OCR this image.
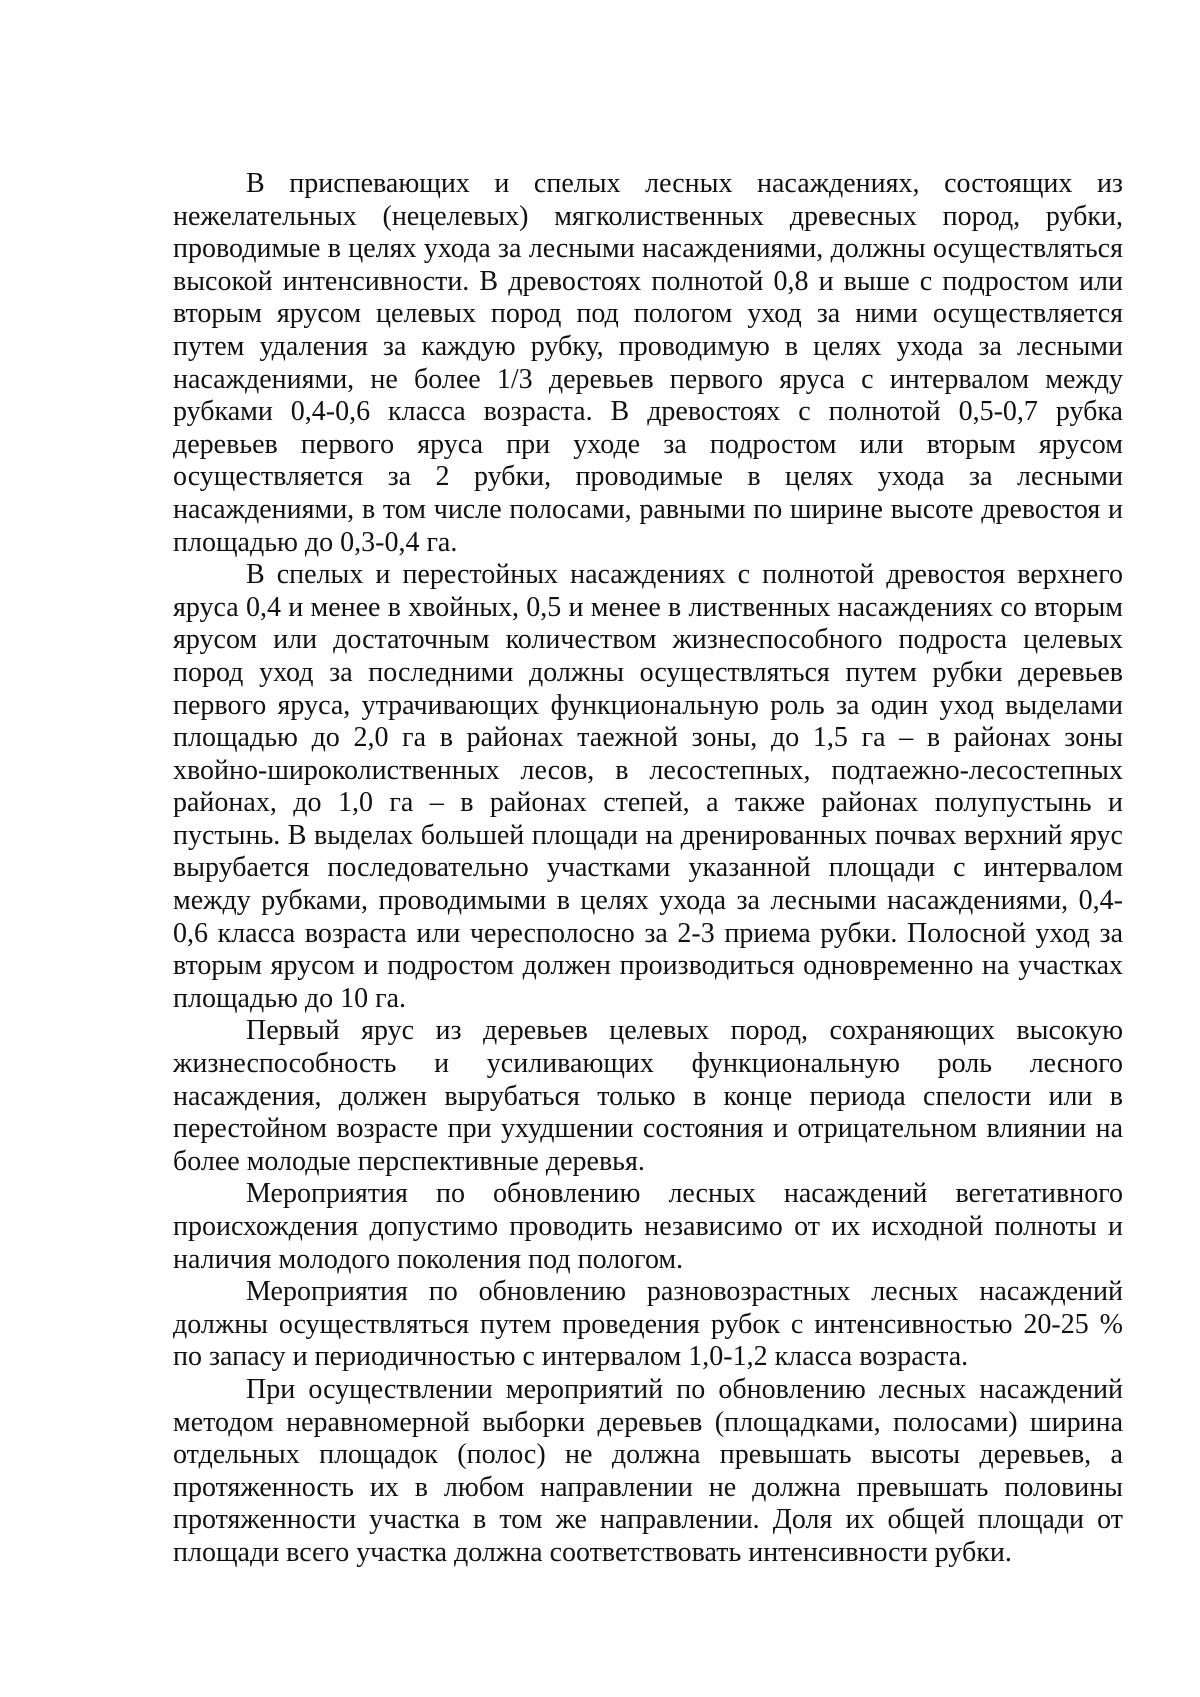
В приспевающих и спелых лесных насаждениях, состоящих из нежелательных (нецелевых) мягколиственных древесных пород, рубки, проводимые в целях ухода за лесными насаждениями, должны осуществляться высокой интенсивности. В древостоях полнотой 0,8 и выше с подростом или вторым ярусом целевых пород под пологом уход за ними осуществляется путем удаления за каждую рубку, проводимую в целях ухода за лесными насаждениями, не более 1/3 деревьев первого яруса с интервалом между рубками 0,4-0,6 класса возраста. В древостоях с полнотой 0,5-0,7 рубка деревьев первого яруса при уходе за подростом или вторым ярусом осуществляется за 2 рубки, проводимые в целях ухода за лесными насаждениями, в том числе полосами, равными по ширине высоте древостоя и площадью до 0,3-0,4 га.

В спелых и перестойных насаждениях с полнотой древостоя верхнего яруса 0,4 и менее в хвойных, 0,5 и менее в лиственных насаждениях со вторым ярусом или достаточным количеством жизнеспособного подроста целевых пород уход за последними должны осуществляться путем рубки деревьев первого яруса, утрачивающих функциональную роль за один уход выделами площадью до 2,0 га в районах таежной зоны, до 1,5 га – в районах зоны хвойно-широколиственных лесов, в лесостепных, подтаежно-лесостепных районах, до 1,0 га – в районах степей, а также районах полупустынь и пустынь. В выделах большей площади на дренированных почвах верхний ярус вырубается последовательно участками указанной площади с интервалом между рубками, проводимыми в целях ухода за лесными насаждениями, 0,4-0,6 класса возраста или чересполосно за 2-3 приема рубки. Полосной уход за вторым ярусом и подростом должен производиться одновременно на участках площадью до 10 га.

Первый ярус из деревьев целевых пород, сохраняющих высокую жизнеспособность и усиливающих функциональную роль лесного насаждения, должен вырубаться только в конце периода спелости или в перестойном возрасте при ухудшении состояния и отрицательном влиянии на более молодые перспективные деревья.

Мероприятия по обновлению лесных насаждений вегетативного происхождения допустимо проводить независимо от их исходной полноты и наличия молодого поколения под пологом.

Мероприятия по обновлению разновозрастных лесных насаждений должны осуществляться путем проведения рубок с интенсивностью 20-25 % по запасу и периодичностью с интервалом 1,0-1,2 класса возраста.

При осуществлении мероприятий по обновлению лесных насаждений методом неравномерной выборки деревьев (площадками, полосами) ширина отдельных площадок (полос) не должна превышать высоты деревьев, а протяженность их в любом направлении не должна превышать половины протяженности участка в том же направлении. Доля их общей площади от площади всего участка должна соответствовать интенсивности рубки.
